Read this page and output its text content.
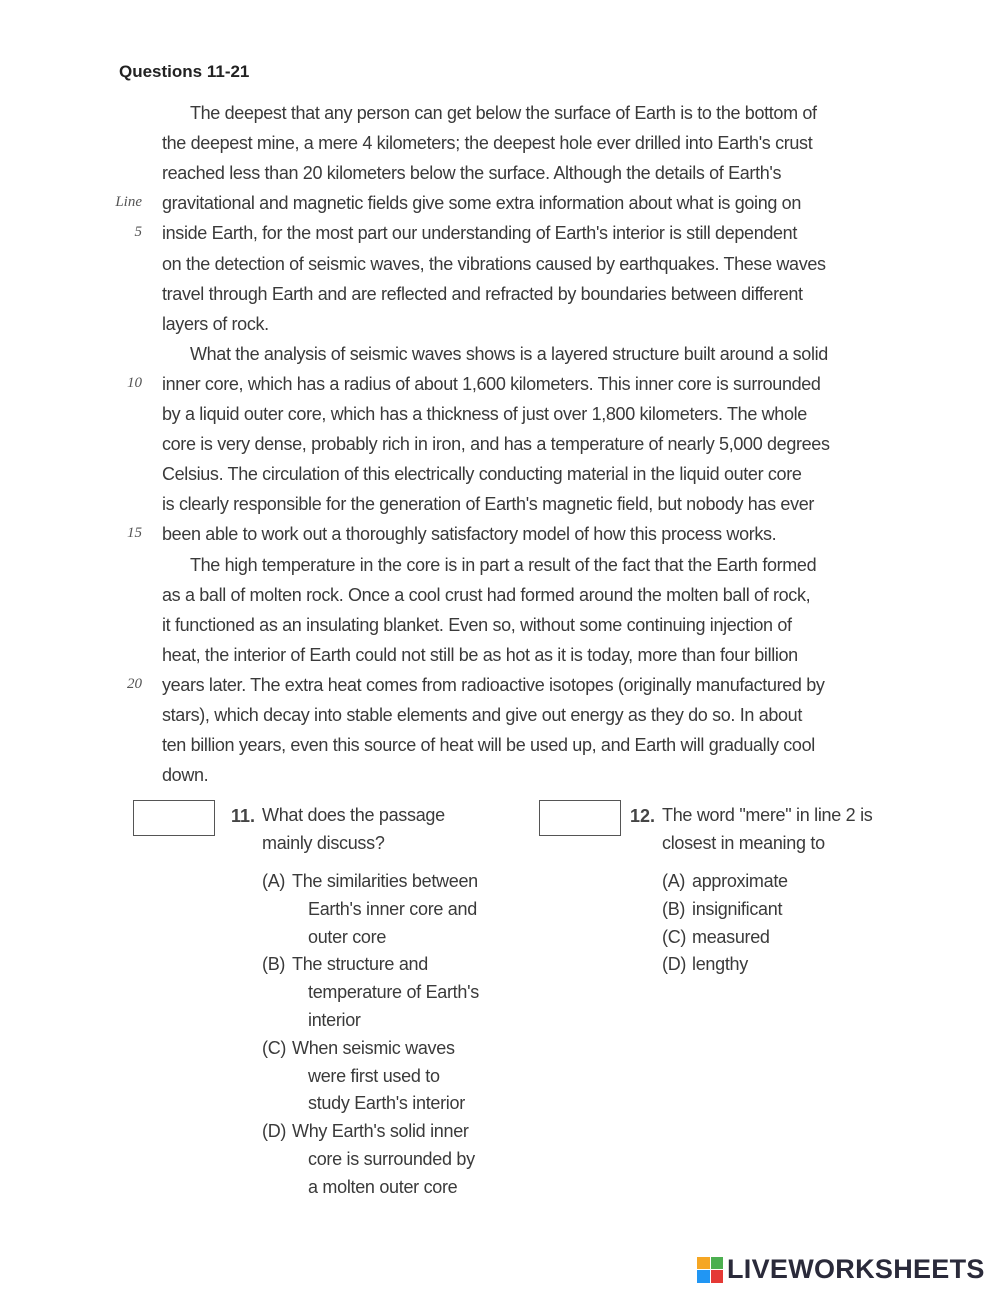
Questions 11-21
The deepest that any person can get below the surface of Earth is to the bottom of
the deepest mine, a mere 4 kilometers; the deepest hole ever drilled into Earth's crust
reached less than 20 kilometers below the surface. Although the details of Earth's
gravitational and magnetic fields give some extra information about what is going on
Line
inside Earth, for the most part our understanding of Earth's interior is still dependent
5
on the detection of seismic waves, the vibrations caused by earthquakes. These waves
travel through Earth and are reflected and refracted by boundaries between different
layers of rock.
What the analysis of seismic waves shows is a layered structure built around a solid
inner core, which has a radius of about 1,600 kilometers. This inner core is surrounded
10
by a liquid outer core, which has a thickness of just over 1,800 kilometers. The whole
core is very dense, probably rich in iron, and has a temperature of nearly 5,000 degrees
Celsius. The circulation of this electrically conducting material in the liquid outer core
is clearly responsible for the generation of Earth's magnetic field, but nobody has ever
been able to work out a thoroughly satisfactory model of how this process works.
15
The high temperature in the core is in part a result of the fact that the Earth formed
as a ball of molten rock. Once a cool crust had formed around the molten ball of rock,
it functioned as an insulating blanket. Even so, without some continuing injection of
heat, the interior of Earth could not still be as hot as it is today, more than four billion
years later. The extra heat comes from radioactive isotopes (originally manufactured by
20
stars), which decay into stable elements and give out energy as they do so. In about
ten billion years, even this source of heat will be used up, and Earth will gradually cool
down.
11. What does the passage
mainly discuss?
(A) The similarities between
Earth's inner core and
outer core
(B) The structure and
temperature of Earth's
interior
(C) When seismic waves
were first used to
study Earth's interior
(D) Why Earth's solid inner
core is surrounded by
a molten outer core
12. The word "mere" in line 2 is
closest in meaning to
(A) approximate
(B) insignificant
(C) measured
(D) lengthy
LIVEWORKSHEETS
